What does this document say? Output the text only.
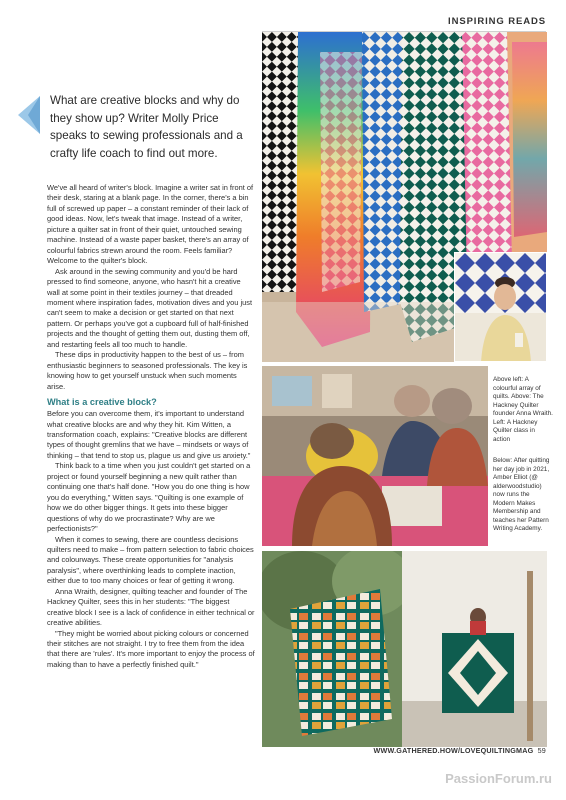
INSPIRING READS
What are creative blocks and why do they show up? Writer Molly Price speaks to sewing professionals and a crafty life coach to find out more.

We've all heard of writer's block. Imagine a writer sat in front of their desk, staring at a blank page. In the corner, there's a bin full of screwed up paper – a constant reminder of their lack of good ideas. Now, let's tweak that image. Instead of a writer, picture a quilter sat in front of their quiet, untouched sewing machine. Instead of a waste paper basket, there's an array of colourful fabrics strewn around the room. Feels familiar? Welcome to the quilter's block.

Ask around in the sewing community and you'd be hard pressed to find someone, anyone, who hasn't hit a creative wall at some point in their textiles journey – that dreaded moment where inspiration fades, motivation dives and you just can't seem to make a decision or get started on that next pattern. Or perhaps you've got a cupboard full of half-finished projects and the thought of getting them out, dusting them off, and restarting feels all too much to handle.

These dips in productivity happen to the best of us – from enthusiastic beginners to seasoned professionals. The key is knowing how to get yourself unstuck when such moments arise.

What is a creative block?

Before you can overcome them, it's important to understand what creative blocks are and why they hit. Kim Witten, a transformation coach, explains: "Creative blocks are different types of thought gremlins that we have – mindsets or ways of thinking – that tend to stop us, plague us and give us anxiety."

Think back to a time when you just couldn't get started on a project or found yourself beginning a new quilt rather than continuing one that's half done. "How you do one thing is how you do everything," Witten says. "Quilting is one example of how we do other bigger things. It gets into these bigger questions of why do we procrastinate? Why are we perfectionists?"

When it comes to sewing, there are countless decisions quilters need to make – from pattern selection to fabric choices and colourways. These create opportunities for "analysis paralysis", where overthinking leads to complete inaction, either due to too many choices or fear of getting it wrong.

Anna Wraith, designer, quilting teacher and founder of The Hackney Quilter, sees this in her students: "The biggest creative block I see is a lack of confidence in either technical or creative abilities.

"They might be worried about picking colours or concerned their stitches are not straight. I try to free them from the idea that there are 'rules'. It's more important to enjoy the process of making than to have a perfectly finished quilt."

Above left: A colourful array of quilts. Above: The Hackney Quilter founder Anna Wraith. Left: A Hackney Quilter class in action
Below: After quitting her day job in 2021, Amber Elliot (@ alderwoodstudio) now runs the Modern Makes Membership and teaches her Pattern Writing Academy.
WWW.GATHERED.HOW/LOVEQUILTINGMAG 59
PassionForum.ru
